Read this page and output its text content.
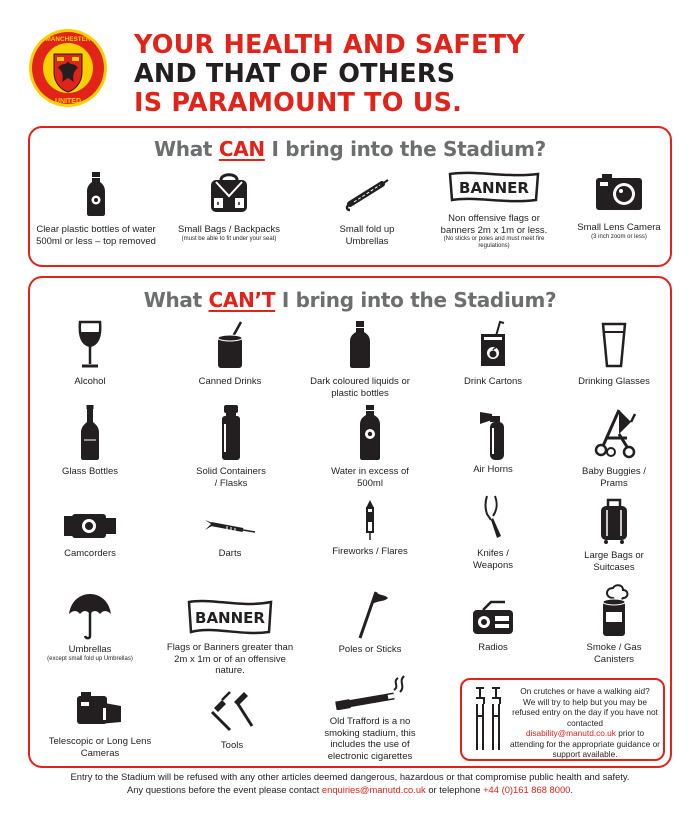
MANCHESTER
UNITED
YOUR HEALTH AND SAFETY
AND THAT OF OTHERS
IS PARAMOUNT TO US.
What CAN I bring into the Stadium?
Clear plastic bottles of water 500ml or less – top removed
Small Bags / Backpacks
(must be able to fit under your seat)
Small fold up Umbrellas
BANNER
Non offensive flags or banners 2m x 1m or less.
(No sticks or poles and must meet fire regulations)
Small Lens Camera
(3 inch zoom or less)
What CAN’T I bring into the Stadium?
Alcohol	Canned Drinks	Dark coloured liquids or plastic bottles
Drink Cartons	Drinking Glasses
Glass Bottles	Solid Containers / Flasks
Water in excess of 500ml
Air Horns	Baby Buggies / Prams
Camcorders	Darts	Fireworks / Flares	Knifes / Weapons
Large Bags or Suitcases
Umbrellas
(except small fold up Umbrellas)
BANNER
Flags or Banners greater than 2m x 1m or of an offensive nature.
Poles or Sticks	Radios	Smoke / Gas Canisters
Telescopic or Long Lens Cameras
Tools
Old Trafford is a no smoking stadium, this includes the use of electronic cigarettes
On crutches or have a walking aid?
We will try to help but you may be refused entry on the day if you have not contacted
disability@manutd.co.uk prior to attending for the appropriate guidance or support available.
Entry to the Stadium will be refused with any other articles deemed dangerous, hazardous or that compromise public health and safety.
Any questions before the event please contact enquiries@manutd.co.uk or telephone +44 (0)161 868 8000.
